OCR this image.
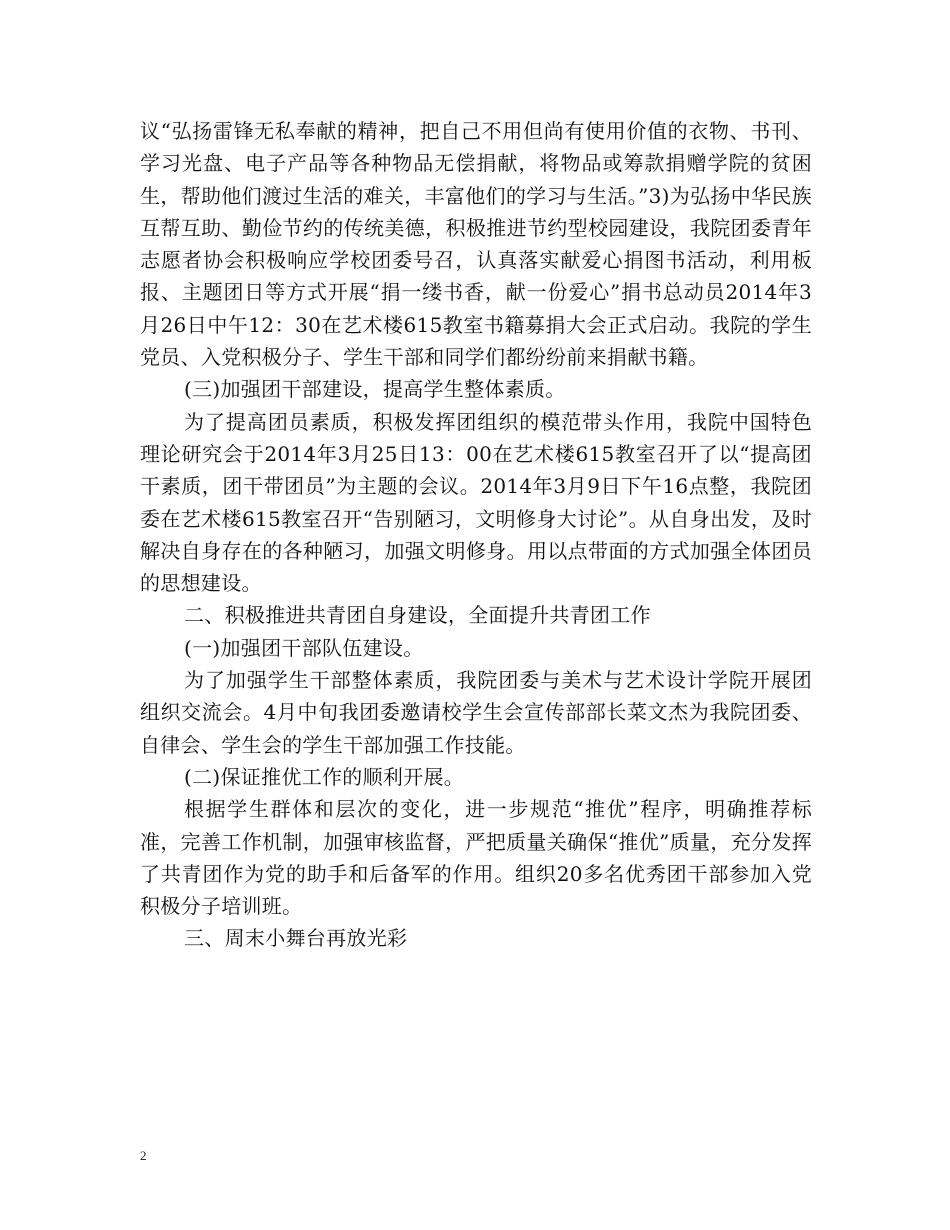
议“弘扬雷锋无私奉献的精神，把自己不用但尚有使用价值的衣物、书刊、学习光盘、电子产品等各种物品无偿捐献，将物品或筹款捐赠学院的贫困生，帮助他们渡过生活的难关，丰富他们的学习与生活。”3)为弘扬中华民族互帮互助、勤俭节约的传统美德，积极推进节约型校园建设，我院团委青年志愿者协会积极响应学校团委号召，认真落实献爱心捐图书活动，利用板报、主题团日等方式开展“捐一缕书香，献一份爱心”捐书总动员2014年3月26日中午12：30在艺术楼615教室书籍募捐大会正式启动。我院的学生党员、入党积极分子、学生干部和同学们都纷纷前来捐献书籍。

(三)加强团干部建设，提高学生整体素质。

为了提高团员素质，积极发挥团组织的模范带头作用，我院中国特色理论研究会于2014年3月25日13：00在艺术楼615教室召开了以“提高团干素质，团干带团员”为主题的会议。2014年3月9日下午16点整，我院团委在艺术楼615教室召开“告别陋习，文明修身大讨论”。从自身出发，及时解决自身存在的各种陋习，加强文明修身。用以点带面的方式加强全体团员的思想建设。

二、积极推进共青团自身建设，全面提升共青团工作

(一)加强团干部队伍建设。

为了加强学生干部整体素质，我院团委与美术与艺术设计学院开展团组织交流会。4月中旬我团委邀请校学生会宣传部部长菜文杰为我院团委、自律会、学生会的学生干部加强工作技能。

(二)保证推优工作的顺利开展。

根据学生群体和层次的变化，进一步规范“推优”程序，明确推荐标准，完善工作机制，加强审核监督，严把质量关确保“推优”质量，充分发挥了共青团作为党的助手和后备军的作用。组织20多名优秀团干部参加入党积极分子培训班。

三、周末小舞台再放光彩

2
